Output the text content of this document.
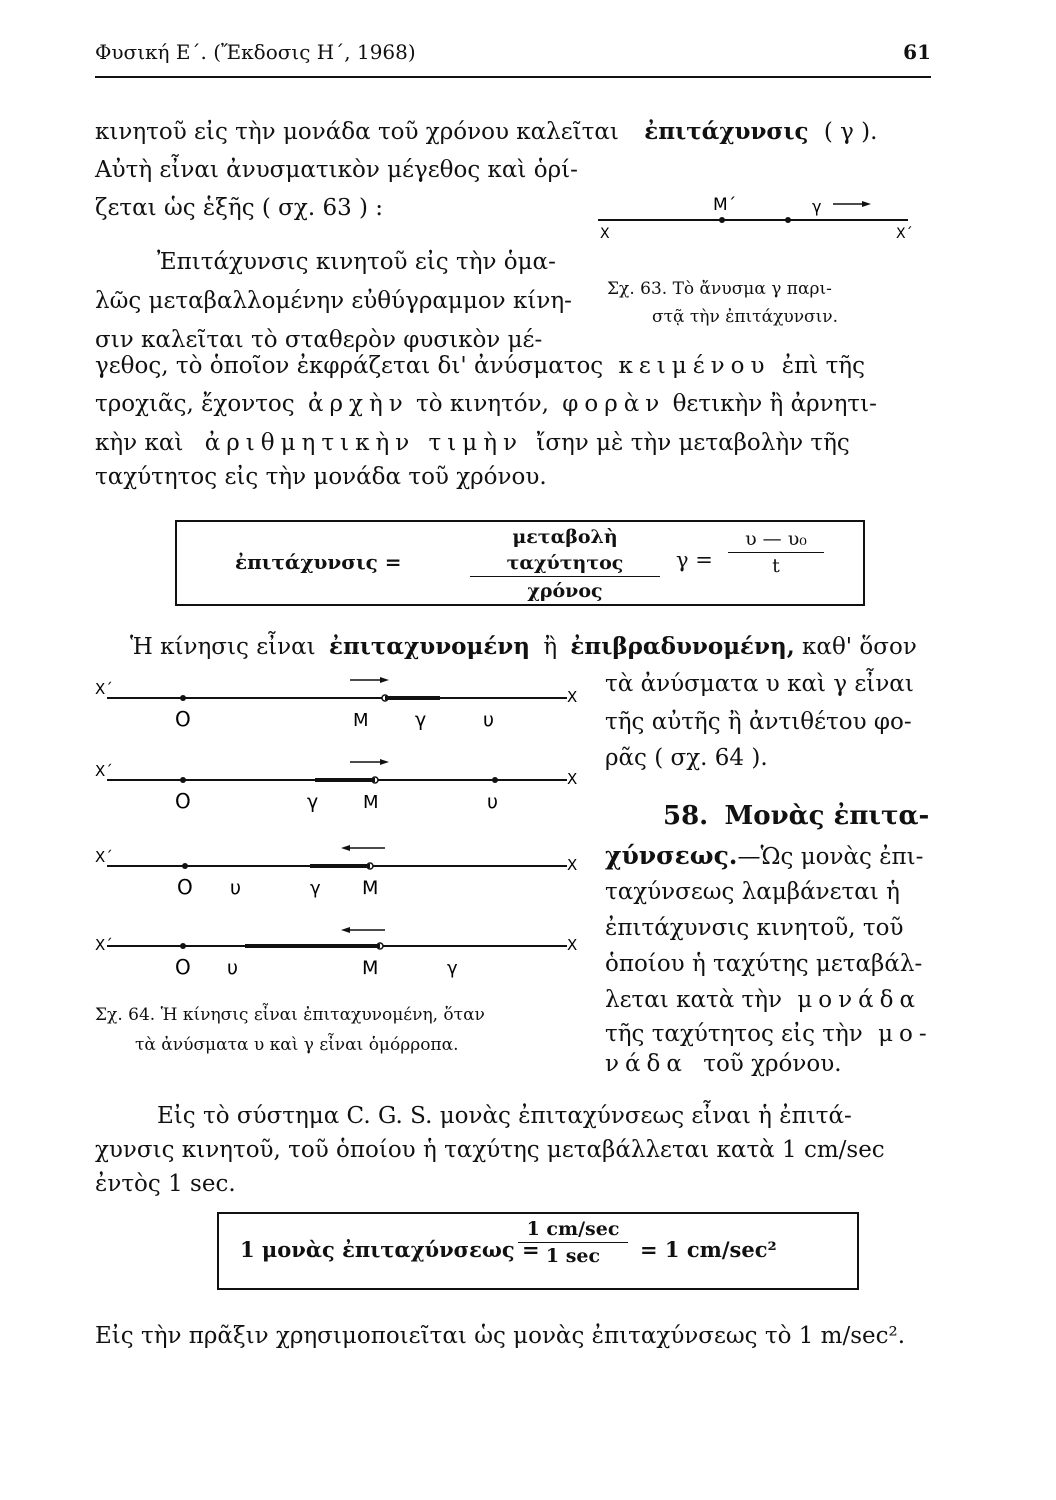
Φυσική Ε΄. (Ἔκδοσις Η΄, 1968)	61
κινητοῦ εἰς τὴν μονάδα τοῦ χρόνου καλεῖται ἐπιτάχυνσις ( γ ).
Αὐτὴ εἶναι ἀνυσματικὸν μέγεθος καὶ ὁρί-
ζεται ὡς ἑξῆς ( σχ. 63 ) :	Μ΄	γ
Χ	Χ΄
Σχ. 63. Τὸ ἄνυσμα γ παρι-
στᾷ τὴν ἐπιτάχυνσιν.
Ἐπιτάχυνσις κινητοῦ εἰς τὴν ὁμα-
λῶς μεταβαλλομένην εὐθύγραμμον κίνη-
σιν καλεῖται τὸ σταθερὸν φυσικὸν μέ-
γεθος, τὸ ὁποῖον ἐκφράζεται δι' ἀνύσματος κειμένου ἐπὶ τῆς
τροχιᾶς, ἔχοντος ἀρχὴν τὸ κινητόν, φορὰν θετικὴν ἢ ἀρνητι-
κὴν καὶ ἀριθμητικὴν τιμὴν ἴσην μὲ τὴν μεταβολὴν τῆς
ταχύτητος εἰς τὴν μονάδα τοῦ χρόνου.
ἐπιτάχυνσις =
μεταβολὴ ταχύτητος
χρόνος
γ =
υ — υ₀
t
Ἡ κίνησις εἶναι ἐπιταχυνομένη ἢ ἐπιβραδυνομένη, καθ' ὅσον
τὰ ἀνύσματα υ καὶ γ εἶναι
τῆς αὐτῆς ἢ ἀντιθέτου φο-
ρᾶς ( σχ. 64 ).
Χ΄	Χ
Ο	Μ γ	υ
Χ΄	Χ
Ο	γ Μ	υ
Χ΄	Χ
Ο υ	γ Μ
Χ΄	Χ
Ο υ	Μ	γ
Σχ. 64. Ἡ κίνησις εἶναι ἐπιταχυνομένη, ὅταν
τὰ ἀνύσματα υ καὶ γ εἶναι ὁμόρροπα.
58. Μονὰς ἐπιτα-
χύνσεως.—Ὡς μονὰς ἐπι-
ταχύνσεως λαμβάνεται ἡ
ἐπιτάχυνσις κινητοῦ, τοῦ
ὁποίου ἡ ταχύτης μεταβάλ-
λεται κατὰ τὴν μονάδα
τῆς ταχύτητος εἰς τὴν μο-
νάδα τοῦ χρόνου.
Εἰς τὸ σύστημα C. G. S. μονὰς ἐπιταχύνσεως εἶναι ἡ ἐπιτά-
χυνσις κινητοῦ, τοῦ ὁποίου ἡ ταχύτης μεταβάλλεται κατὰ 1 cm/sec
ἐντὸς 1 sec.
1 μονὰς ἐπιταχύνσεως =
1 cm/sec
1 sec	= 1 cm/sec²
Εἰς τὴν πρᾶξιν χρησιμοποιεῖται ὡς μονὰς ἐπιταχύνσεως τὸ 1 m/sec².
